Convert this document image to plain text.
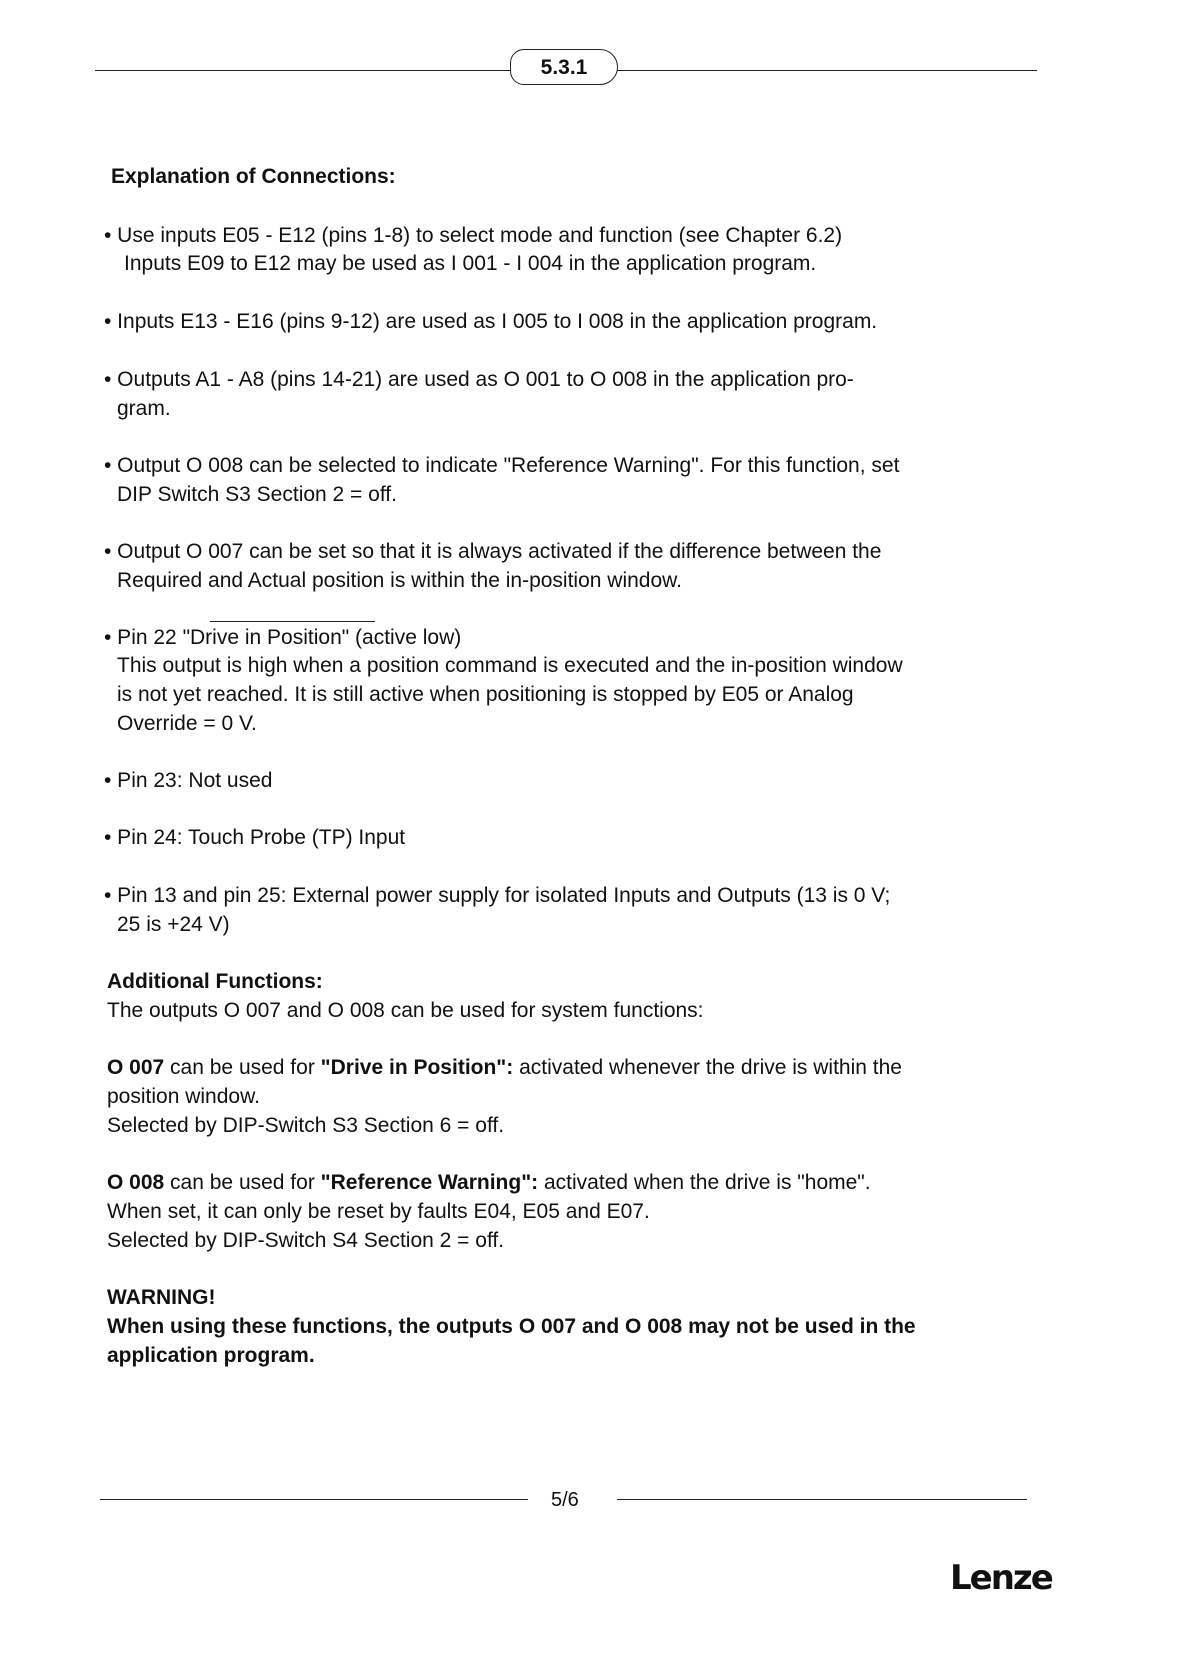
5.3.1
Explanation of Connections:
• Use inputs E05 - E12 (pins 1-8) to select mode and function (see Chapter 6.2)
Inputs E09 to E12 may be used as I 001 - I 004 in the application program.
• Inputs E13 - E16 (pins 9-12) are used as I 005 to I 008 in the application program.
• Outputs A1 - A8 (pins 14-21) are used as O 001 to O 008 in the application pro-
gram.
• Output O 008 can be selected to indicate "Reference Warning". For this function, set
DIP Switch S3 Section 2 = off.
• Output O 007 can be set so that it is always activated if the difference between the
Required and Actual position is within the in-position window.
• Pin 22 "Drive in Position" (active low)
This output is high when a position command is executed and the in-position window
is not yet reached. It is still active when positioning is stopped by E05 or Analog
Override = 0 V.
• Pin 23: Not used
• Pin 24: Touch Probe (TP) Input
• Pin 13 and pin 25: External power supply for isolated Inputs and Outputs (13 is 0 V;
25 is +24 V)
Additional Functions:
The outputs O 007 and O 008 can be used for system functions:
O 007 can be used for "Drive in Position": activated whenever the drive is within the
position window.
Selected by DIP-Switch S3 Section 6 = off.
O 008 can be used for "Reference Warning": activated when the drive is "home".
When set, it can only be reset by faults E04, E05 and E07.
Selected by DIP-Switch S4 Section 2 = off.
WARNING!
When using these functions, the outputs O 007 and O 008 may not be used in the
application program.
5/6
Lenze
